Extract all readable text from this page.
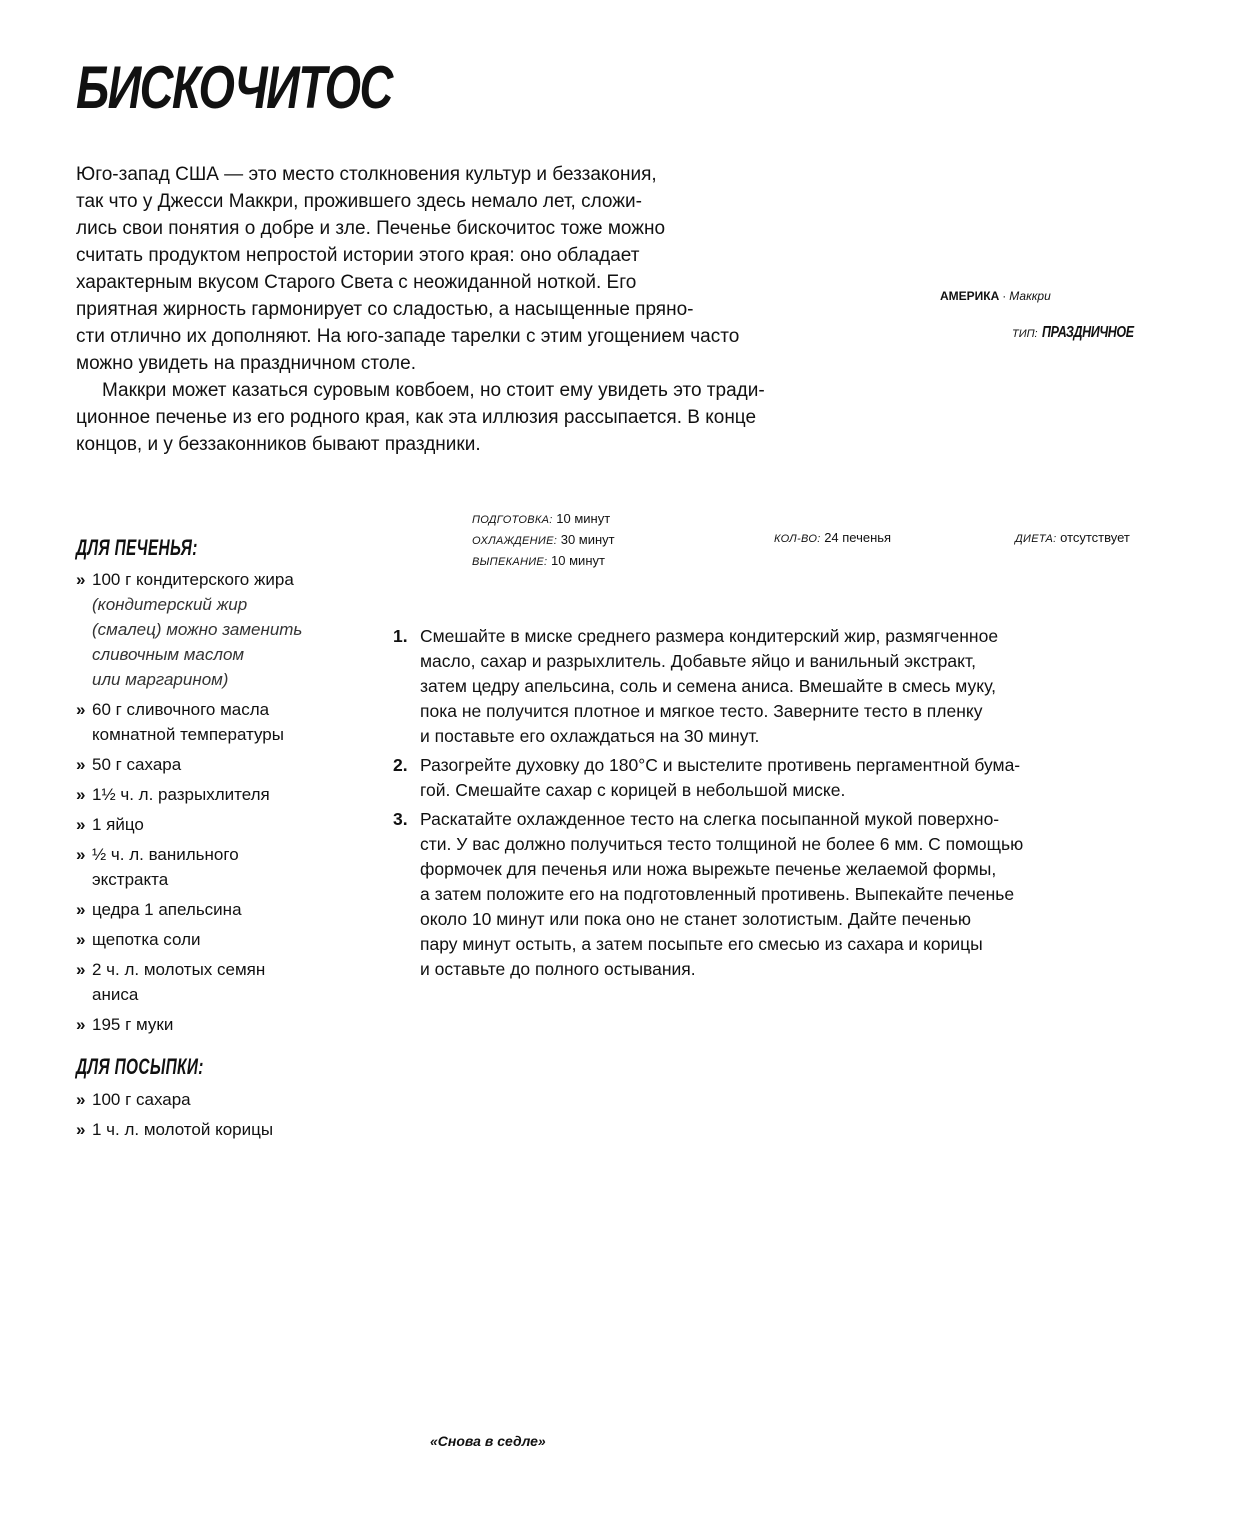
БИСКОЧИТОС
Юго-запад США — это место столкновения культур и беззакония,
так что у Джесси Маккри, прожившего здесь немало лет, сложи-
лись свои понятия о добре и зле. Печенье бискочитос тоже можно
считать продуктом непростой истории этого края: оно обладает
характерным вкусом Старого Света с неожиданной ноткой. Его
приятная жирность гармонирует со сладостью, а насыщенные пряно-
сти отлично их дополняют. На юго-западе тарелки с этим угощением часто
можно увидеть на праздничном столе.
Маккри может казаться суровым ковбоем, но стоит ему увидеть это тради-
ционное печенье из его родного края, как эта иллюзия рассыпается. В конце
концов, и у беззаконников бывают праздники.
АМЕРИКА · Маккри
ТИП: ПРАЗДНИЧНОЕ
ПОДГОТОВКА: 10 минут
ОХЛАЖДЕНИЕ: 30 минут
ВЫПЕКАНИЕ: 10 минут
КОЛ-ВО: 24 печенья	ДИЕТА: отсутствует
ДЛЯ ПЕЧЕНЬЯ:
» 100 г кондитерского жира
(кондитерский жир
(смалец) можно заменить
сливочным маслом
или маргарином)
» 60 г сливочного масла
комнатной температуры
» 50 г сахара
» 1½ ч. л. разрыхлителя
» 1 яйцо
» ½ ч. л. ванильного
экстракта
» цедра 1 апельсина
» щепотка соли
» 2 ч. л. молотых семян
аниса
» 195 г муки
ДЛЯ ПОСЫПКИ:
» 100 г сахара
» 1 ч. л. молотой корицы
1. Смешайте в миске среднего размера кондитерский жир, размягченное
масло, сахар и разрыхлитель. Добавьте яйцо и ванильный экстракт,
затем цедру апельсина, соль и семена аниса. Вмешайте в смесь муку,
пока не получится плотное и мягкое тесто. Заверните тесто в пленку
и поставьте его охлаждаться на 30 минут.
2. Разогрейте духовку до 180°C и выстелите противень пергаментной бума-
гой. Смешайте сахар с корицей в небольшой миске.
3. Раскатайте охлажденное тесто на слегка посыпанной мукой поверхно-
сти. У вас должно получиться тесто толщиной не более 6 мм. С помощью
формочек для печенья или ножа вырежьте печенье желаемой формы,
а затем положите его на подготовленный противень. Выпекайте печенье
около 10 минут или пока оно не станет золотистым. Дайте печенью
пару минут остыть, а затем посыпьте его смесью из сахара и корицы
и оставьте до полного остывания.
«Снова в седле»
